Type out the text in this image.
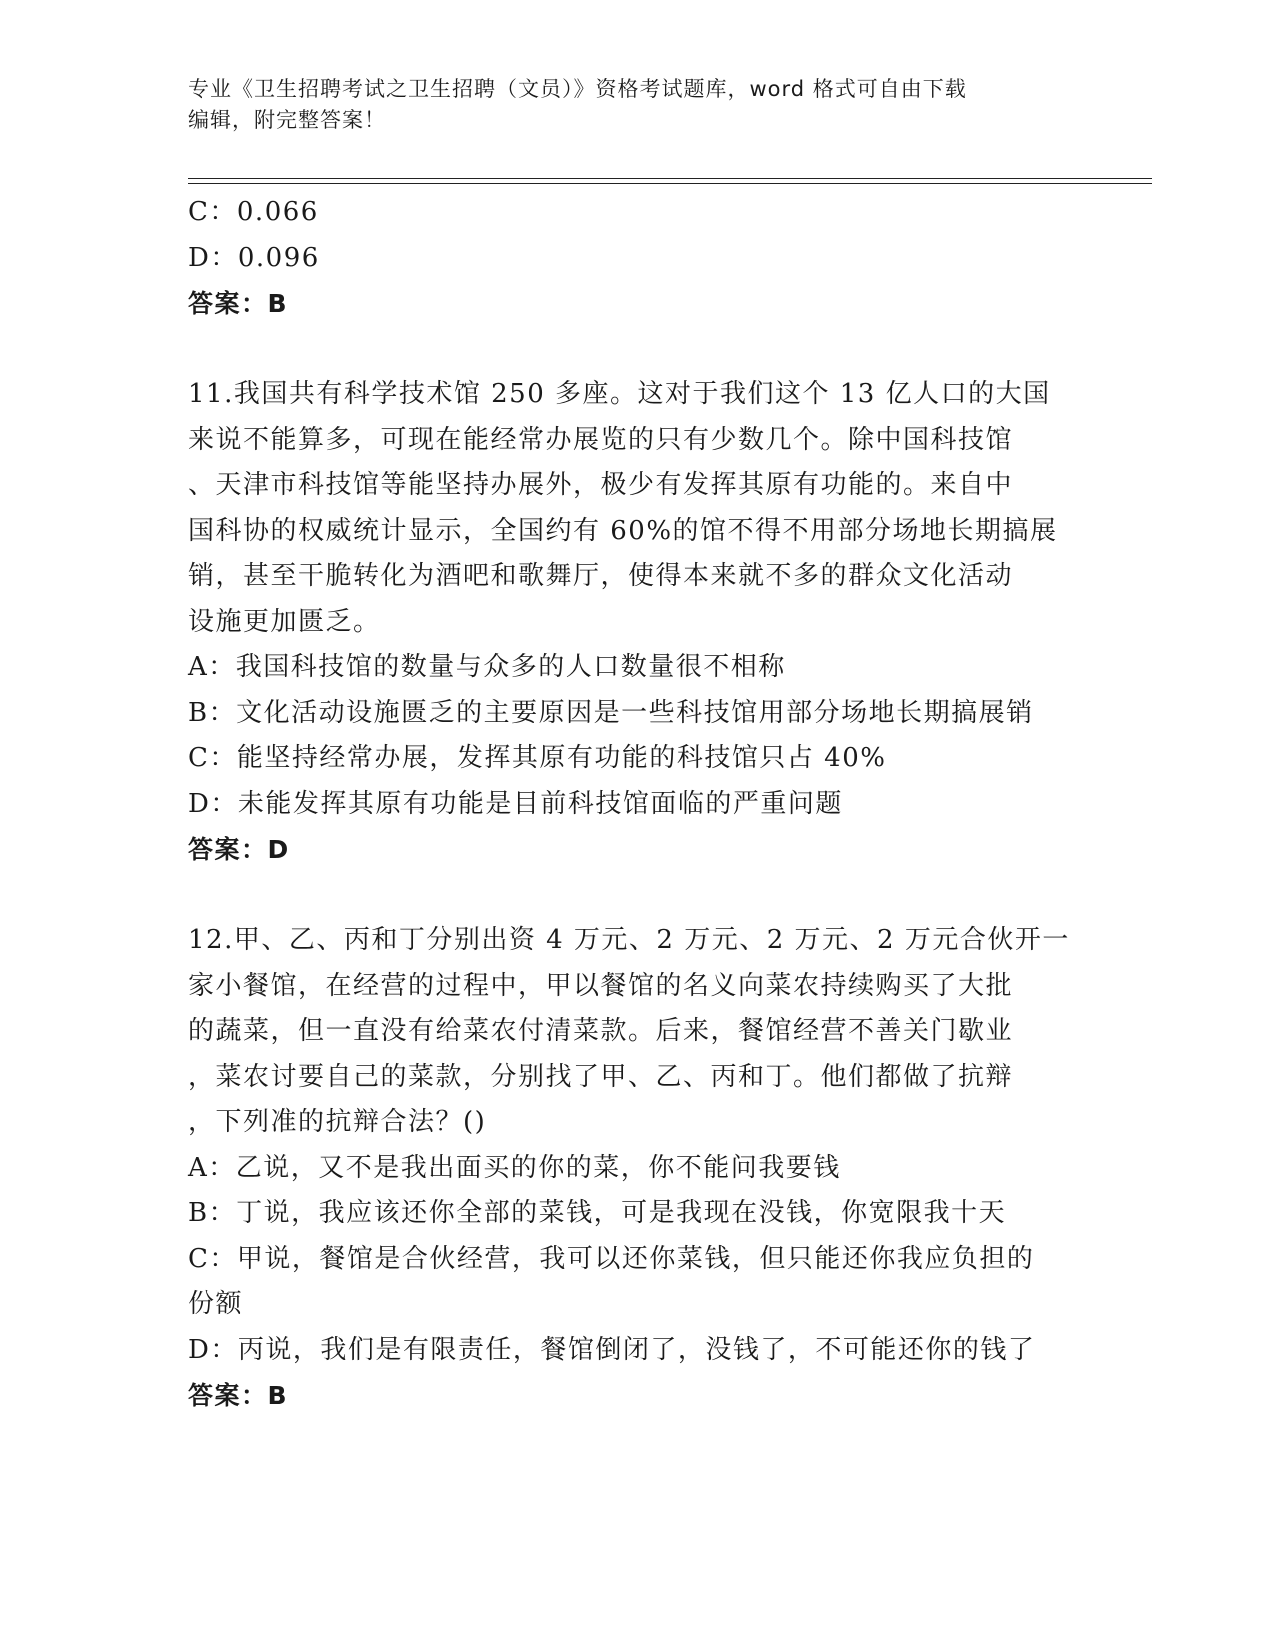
专业《卫生招聘考试之卫生招聘（文员）》资格考试题库，word 格式可自由下载
编辑，附完整答案！
C：0.066
D：0.096
答案：B
11.我国共有科学技术馆 250 多座。这对于我们这个 13 亿人口的大国
来说不能算多，可现在能经常办展览的只有少数几个。除中国科技馆
、天津市科技馆等能坚持办展外，极少有发挥其原有功能的。来自中
国科协的权威统计显示，全国约有 60%的馆不得不用部分场地长期搞展
销，甚至干脆转化为酒吧和歌舞厅，使得本来就不多的群众文化活动
设施更加匮乏。
A：我国科技馆的数量与众多的人口数量很不相称
B：文化活动设施匮乏的主要原因是一些科技馆用部分场地长期搞展销
C：能坚持经常办展，发挥其原有功能的科技馆只占 40%
D：未能发挥其原有功能是目前科技馆面临的严重问题
答案：D
12.甲、乙、丙和丁分别出资 4 万元、2 万元、2 万元、2 万元合伙开一
家小餐馆，在经营的过程中，甲以餐馆的名义向菜农持续购买了大批
的蔬菜，但一直没有给菜农付清菜款。后来，餐馆经营不善关门歇业
，菜农讨要自己的菜款，分别找了甲、乙、丙和丁。他们都做了抗辩
，下列准的抗辩合法？()
A：乙说，又不是我出面买的你的菜，你不能问我要钱
B：丁说，我应该还你全部的菜钱，可是我现在没钱，你宽限我十天
C：甲说，餐馆是合伙经营，我可以还你菜钱，但只能还你我应负担的
份额
D：丙说，我们是有限责任，餐馆倒闭了，没钱了，不可能还你的钱了
答案：B
